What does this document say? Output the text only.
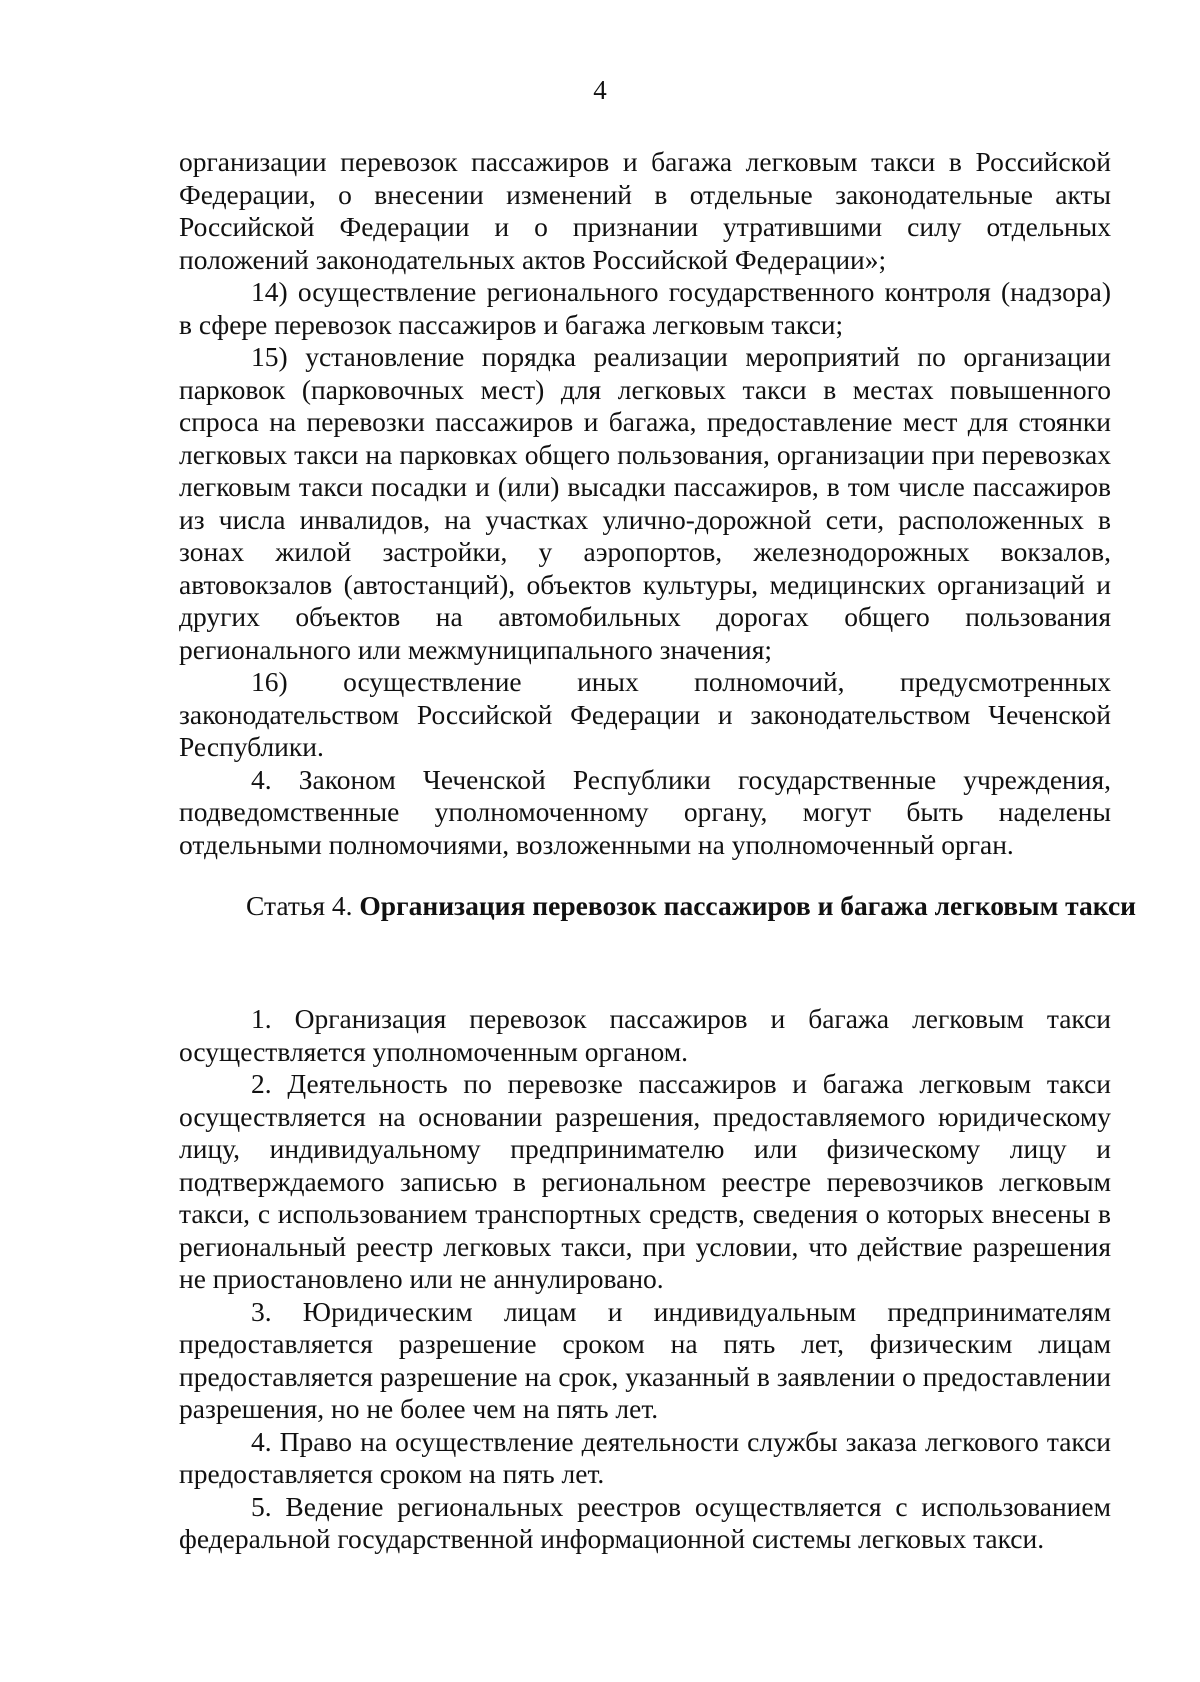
4

организации перевозок пассажиров и багажа легковым такси в Российской Федерации, о внесении изменений в отдельные законодательные акты Российской Федерации и о признании утратившими силу отдельных положений законодательных актов Российской Федерации»;

14) осуществление регионального государственного контроля (надзора) в сфере перевозок пассажиров и багажа легковым такси;

15) установление порядка реализации мероприятий по организации парковок (парковочных мест) для легковых такси в местах повышенного спроса на перевозки пассажиров и багажа, предоставление мест для стоянки легковых такси на парковках общего пользования, организации при перевозках легковым такси посадки и (или) высадки пассажиров, в том числе пассажиров из числа инвалидов, на участках улично-дорожной сети, расположенных в зонах жилой застройки, у аэропортов, железнодорожных вокзалов, автовокзалов (автостанций), объектов культуры, медицинских организаций и других объектов на автомобильных дорогах общего пользования регионального или межмуниципального значения;

16) осуществление иных полномочий, предусмотренных законодательством Российской Федерации и законодательством Чеченской Республики.

4. Законом Чеченской Республики государственные учреждения, подведомственные уполномоченному органу, могут быть наделены отдельными полномочиями, возложенными на уполномоченный орган.

Статья 4. Организация перевозок пассажиров и багажа легковым такси

1. Организация перевозок пассажиров и багажа легковым такси осуществляется уполномоченным органом.

2. Деятельность по перевозке пассажиров и багажа легковым такси осуществляется на основании разрешения, предоставляемого юридическому лицу, индивидуальному предпринимателю или физическому лицу и подтверждаемого записью в региональном реестре перевозчиков легковым такси, с использованием транспортных средств, сведения о которых внесены в региональный реестр легковых такси, при условии, что действие разрешения не приостановлено или не аннулировано.

3. Юридическим лицам и индивидуальным предпринимателям предоставляется разрешение сроком на пять лет, физическим лицам предоставляется разрешение на срок, указанный в заявлении о предоставлении разрешения, но не более чем на пять лет.

4. Право на осуществление деятельности службы заказа легкового такси предоставляется сроком на пять лет.

5. Ведение региональных реестров осуществляется с использованием федеральной государственной информационной системы легковых такси.
